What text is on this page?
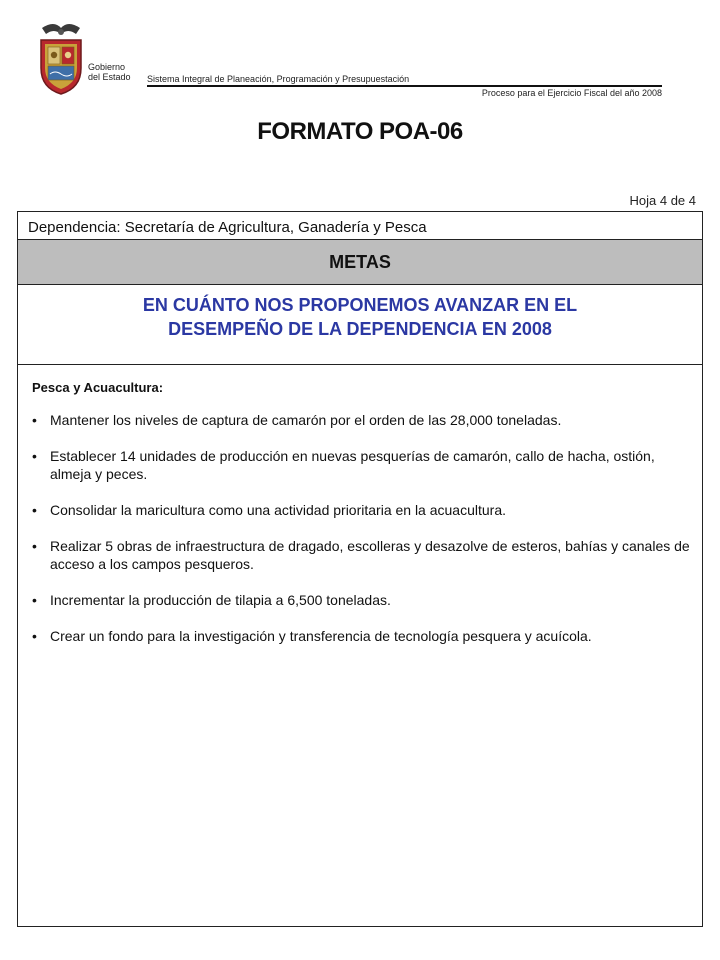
Gobierno
del Estado Sistema Integral de Planeación, Programación y Presupuestación
Proceso para el Ejercicio Fiscal del año 2008
FORMATO POA-06
Hoja 4 de 4
Dependencia: Secretaría de Agricultura, Ganadería y Pesca
METAS
EN CUÁNTO NOS PROPONEMOS AVANZAR EN EL
DESEMPEÑO DE LA DEPENDENCIA EN 2008
Pesca y Acuacultura:
• Mantener los niveles de captura de camarón por el orden de las 28,000 toneladas.
• Establecer 14 unidades de producción en nuevas pesquerías de camarón, callo de hacha, ostión, almeja y peces.
• Consolidar la maricultura como una actividad prioritaria en la acuacultura.
• Realizar 5 obras de infraestructura de dragado, escolleras y desazolve de esteros, bahías y canales de acceso a los campos pesqueros.
• Incrementar la producción de tilapia a 6,500 toneladas.
• Crear un fondo para la investigación y transferencia de tecnología pesquera y acuícola.
